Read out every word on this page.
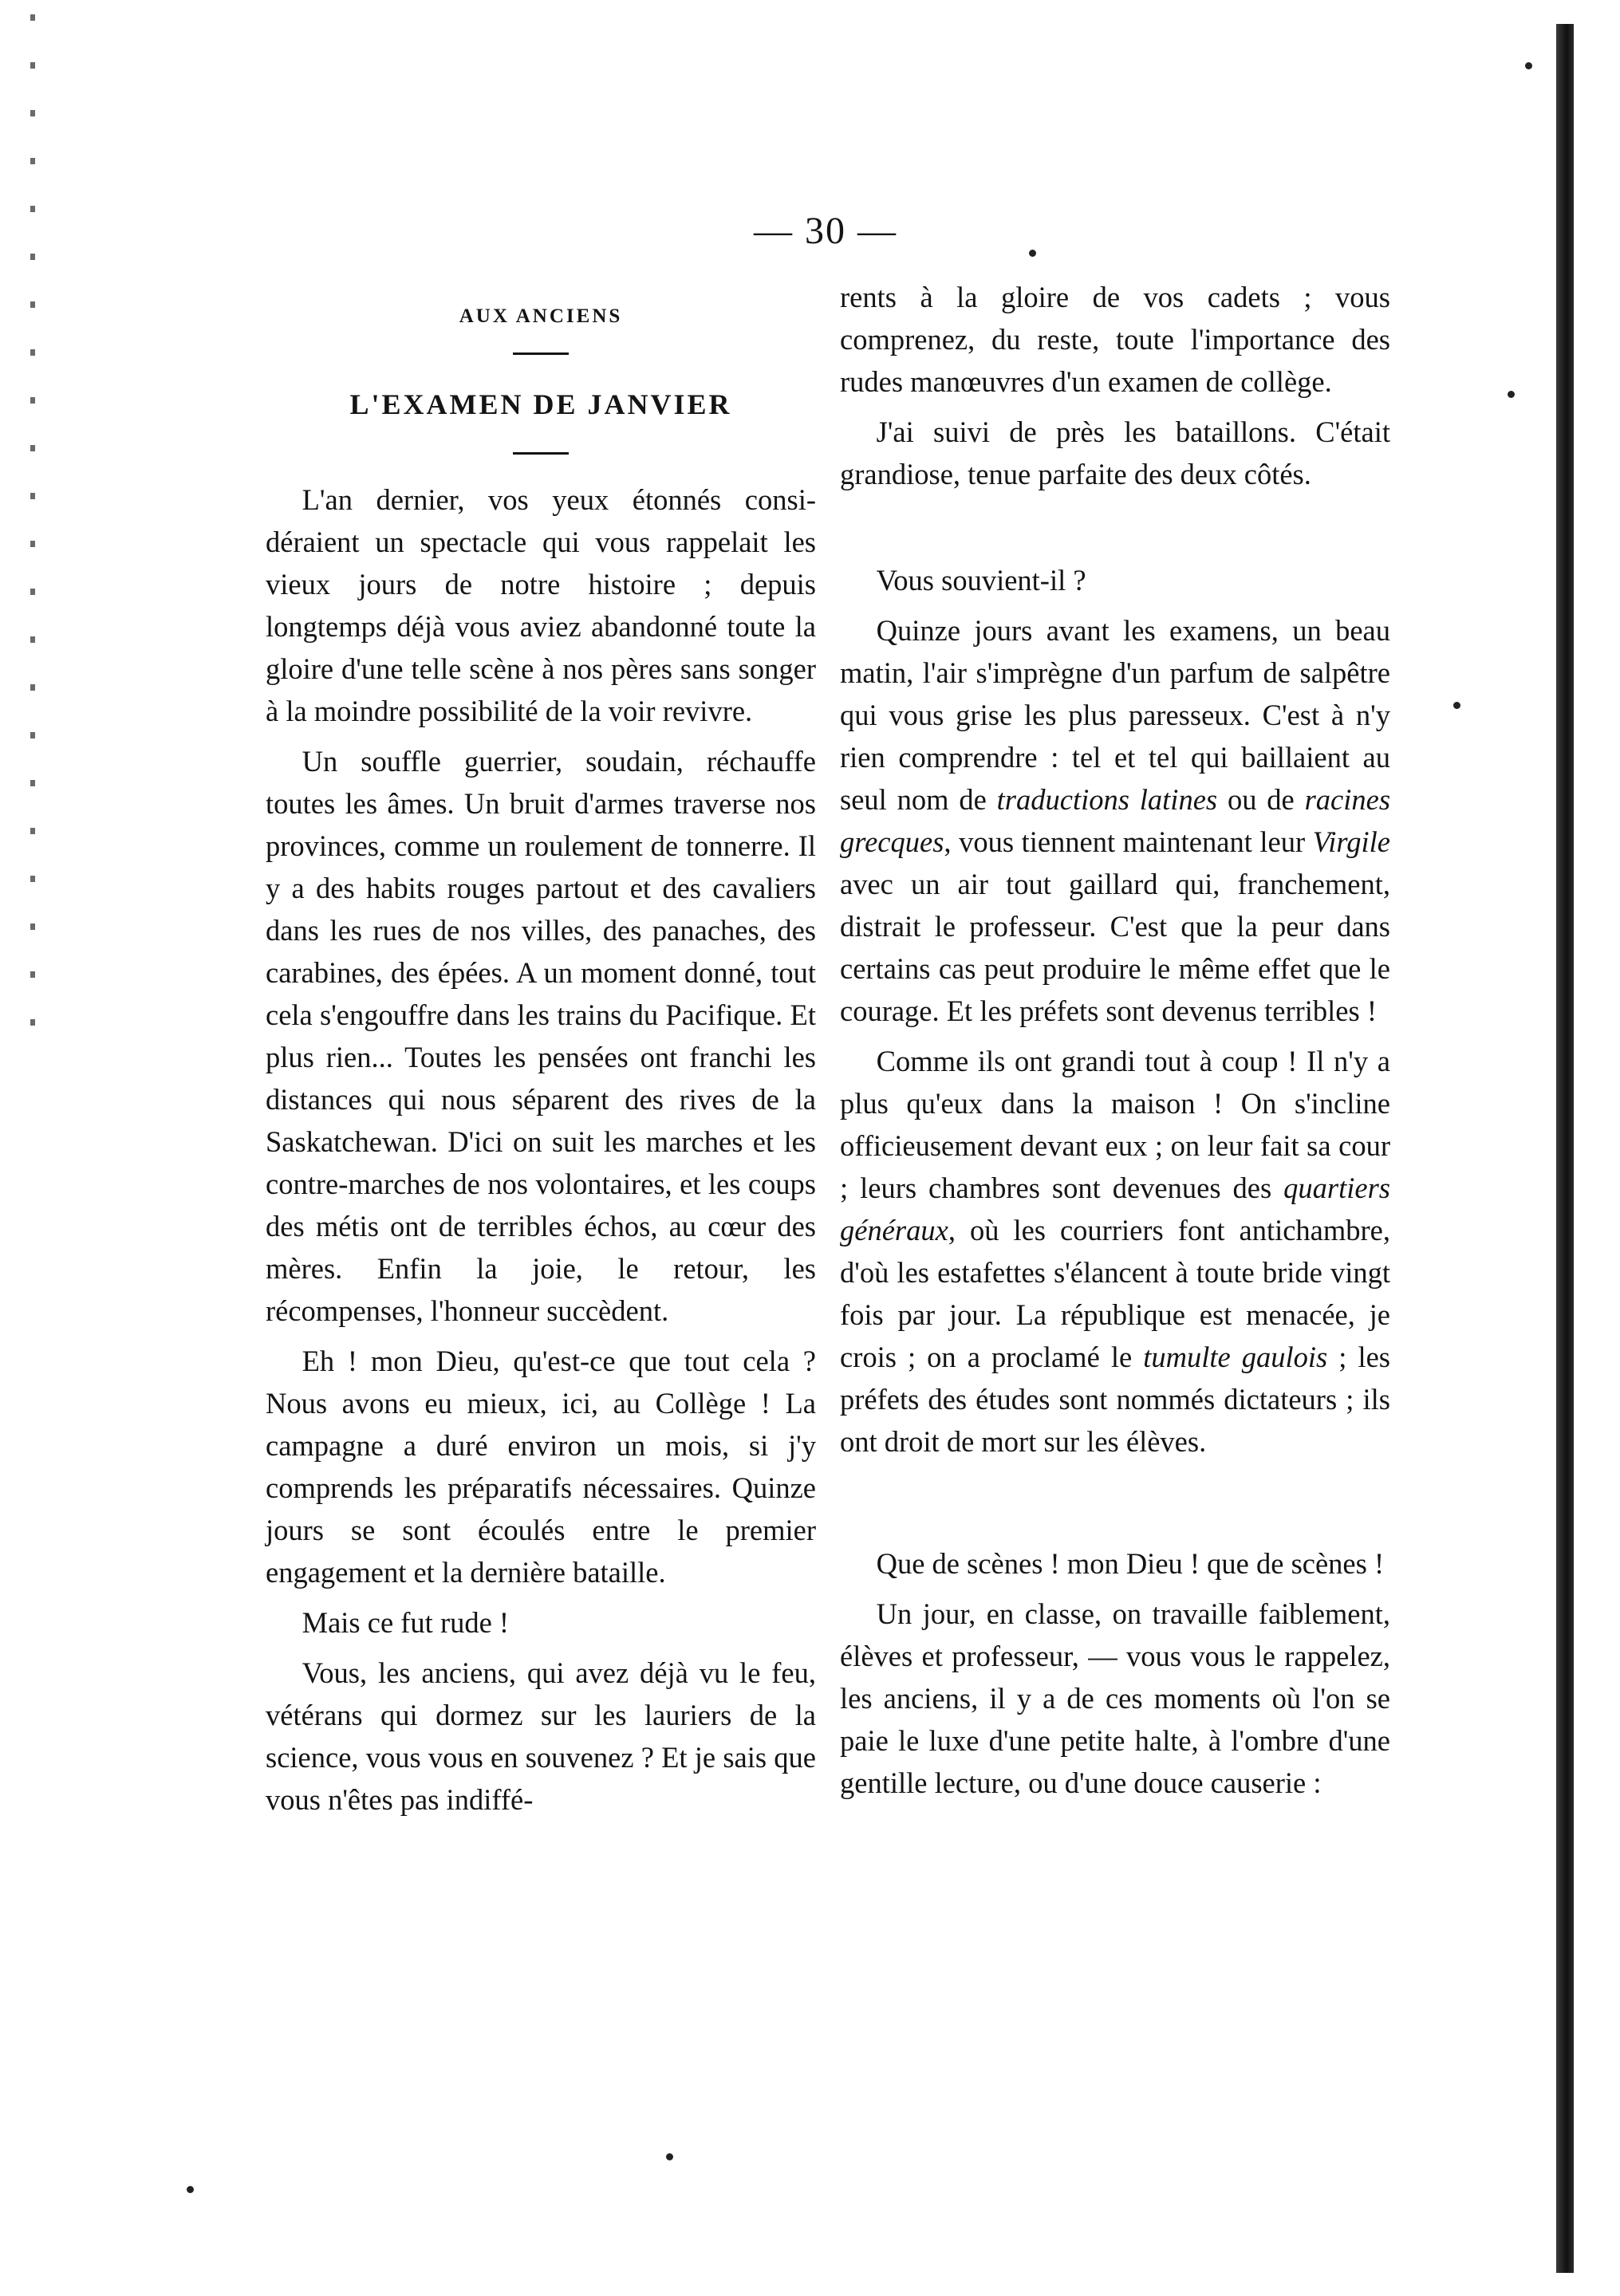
— 30 —
AUX ANCIENS
L'EXAMEN DE JANVIER

L'an dernier, vos yeux étonnés considéraient un spectacle qui vous rappelait les vieux jours de notre histoire ; depuis longtemps déjà vous aviez abandonné toute la gloire d'une telle scène à nos pères sans songer à la moindre possibilité de la voir revivre.

Un souffle guerrier, soudain, réchauffe toutes les âmes. Un bruit d'armes traverse nos provinces, comme un roulement de tonnerre. Il y a des habits rouges partout et des cavaliers dans les rues de nos villes, des panaches, des carabines, des épées. A un moment donné, tout cela s'engouffre dans les trains du Pacifique. Et plus rien... Toutes les pensées ont franchi les distances qui nous séparent des rives de la Saskatchewan. D'ici on suit les marches et les contre-marches de nos volontaires, et les coups des métis ont de terribles échos, au cœur des mères. Enfin la joie, le retour, les récompenses, l'honneur succèdent.

Eh ! mon Dieu, qu'est-ce que tout cela ? Nous avons eu mieux, ici, au Collège ! La campagne a duré environ un mois, si j'y comprends les préparatifs nécessaires. Quinze jours se sont écoulés entre le premier engagement et la dernière bataille.

Mais ce fut rude !

Vous, les anciens, qui avez déjà vu le feu, vétérans qui dormez sur les lauriers de la science, vous vous en souvenez ? Et je sais que vous n'êtes pas indiffé-

rents à la gloire de vos cadets ; vous comprenez, du reste, toute l'importance des rudes manœuvres d'un examen de collège.

J'ai suivi de près les bataillons. C'était grandiose, tenue parfaite des deux côtés.

Vous souvient-il ?

Quinze jours avant les examens, un beau matin, l'air s'imprègne d'un parfum de salpêtre qui vous grise les plus paresseux. C'est à n'y rien comprendre : tel et tel qui baillaient au seul nom de traductions latines ou de racines grecques, vous tiennent maintenant leur Virgile avec un air tout gaillard qui, franchement, distrait le professeur. C'est que la peur dans certains cas peut produire le même effet que le courage. Et les préfets sont devenus terribles !

Comme ils ont grandi tout à coup ! Il n'y a plus qu'eux dans la maison ! On s'incline officieusement devant eux ; on leur fait sa cour ; leurs chambres sont devenues des quartiers généraux, où les courriers font antichambre, d'où les estafettes s'élancent à toute bride vingt fois par jour. La république est menacée, je crois ; on a proclamé le tumulte gaulois ; les préfets des études sont nommés dictateurs ; ils ont droit de mort sur les élèves.

Que de scènes ! mon Dieu ! que de scènes !

Un jour, en classe, on travaille faiblement, élèves et professeur, — vous vous le rappelez, les anciens, il y a de ces moments où l'on se paie le luxe d'une petite halte, à l'ombre d'une gentille lecture, ou d'une douce causerie :
